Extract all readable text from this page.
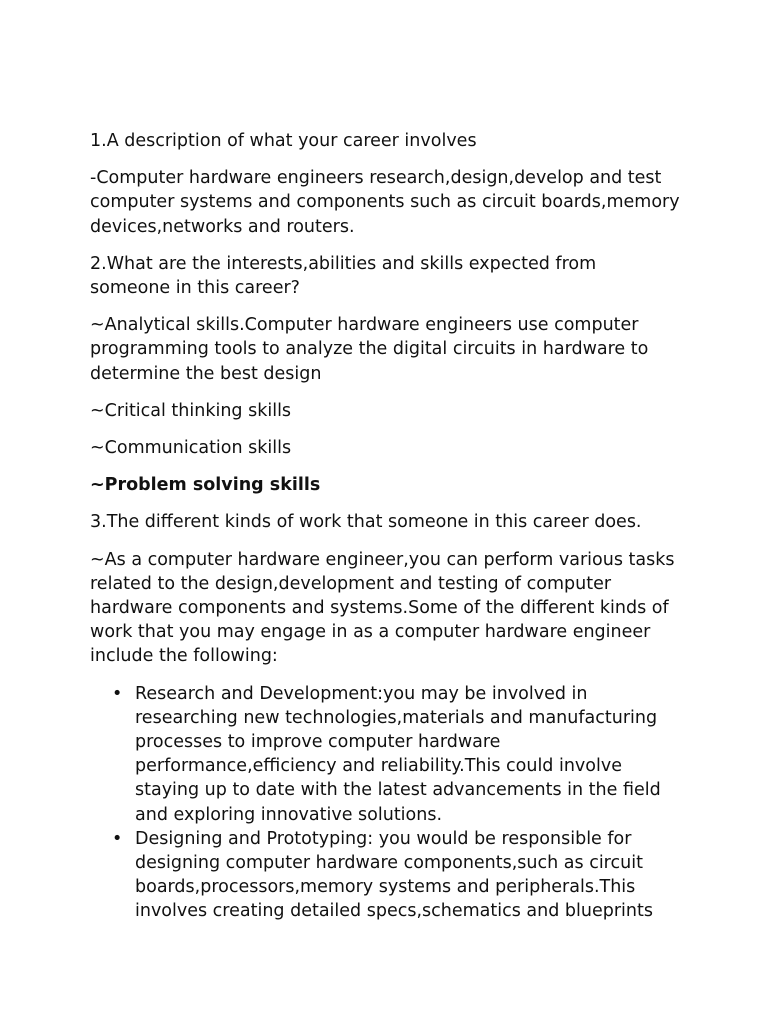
1.A description of what your career involves

-Computer hardware engineers research,design,develop and test computer systems and components such as circuit boards,memory devices,networks and routers.

2.What are the interests,abilities and skills expected from someone in this career?

~Analytical skills.Computer hardware engineers use computer programming tools to analyze the digital circuits in hardware to determine the best design

~Critical thinking skills

~Communication skills

~Problem solving skills

3.The different kinds of work that someone in this career does.

~As a computer hardware engineer,you can perform various tasks related to the design,development and testing of computer hardware components and systems.Some of the different kinds of work that you may engage in as a computer hardware engineer include the following:

• Research and Development:you may be involved in researching new technologies,materials and manufacturing processes to improve computer hardware performance,efficiency and reliability.This could involve staying up to date with the latest advancements in the field and exploring innovative solutions.
• Designing and Prototyping: you would be responsible for designing computer hardware components,such as circuit boards,processors,memory systems and peripherals.This involves creating detailed specs,schematics and blueprints
